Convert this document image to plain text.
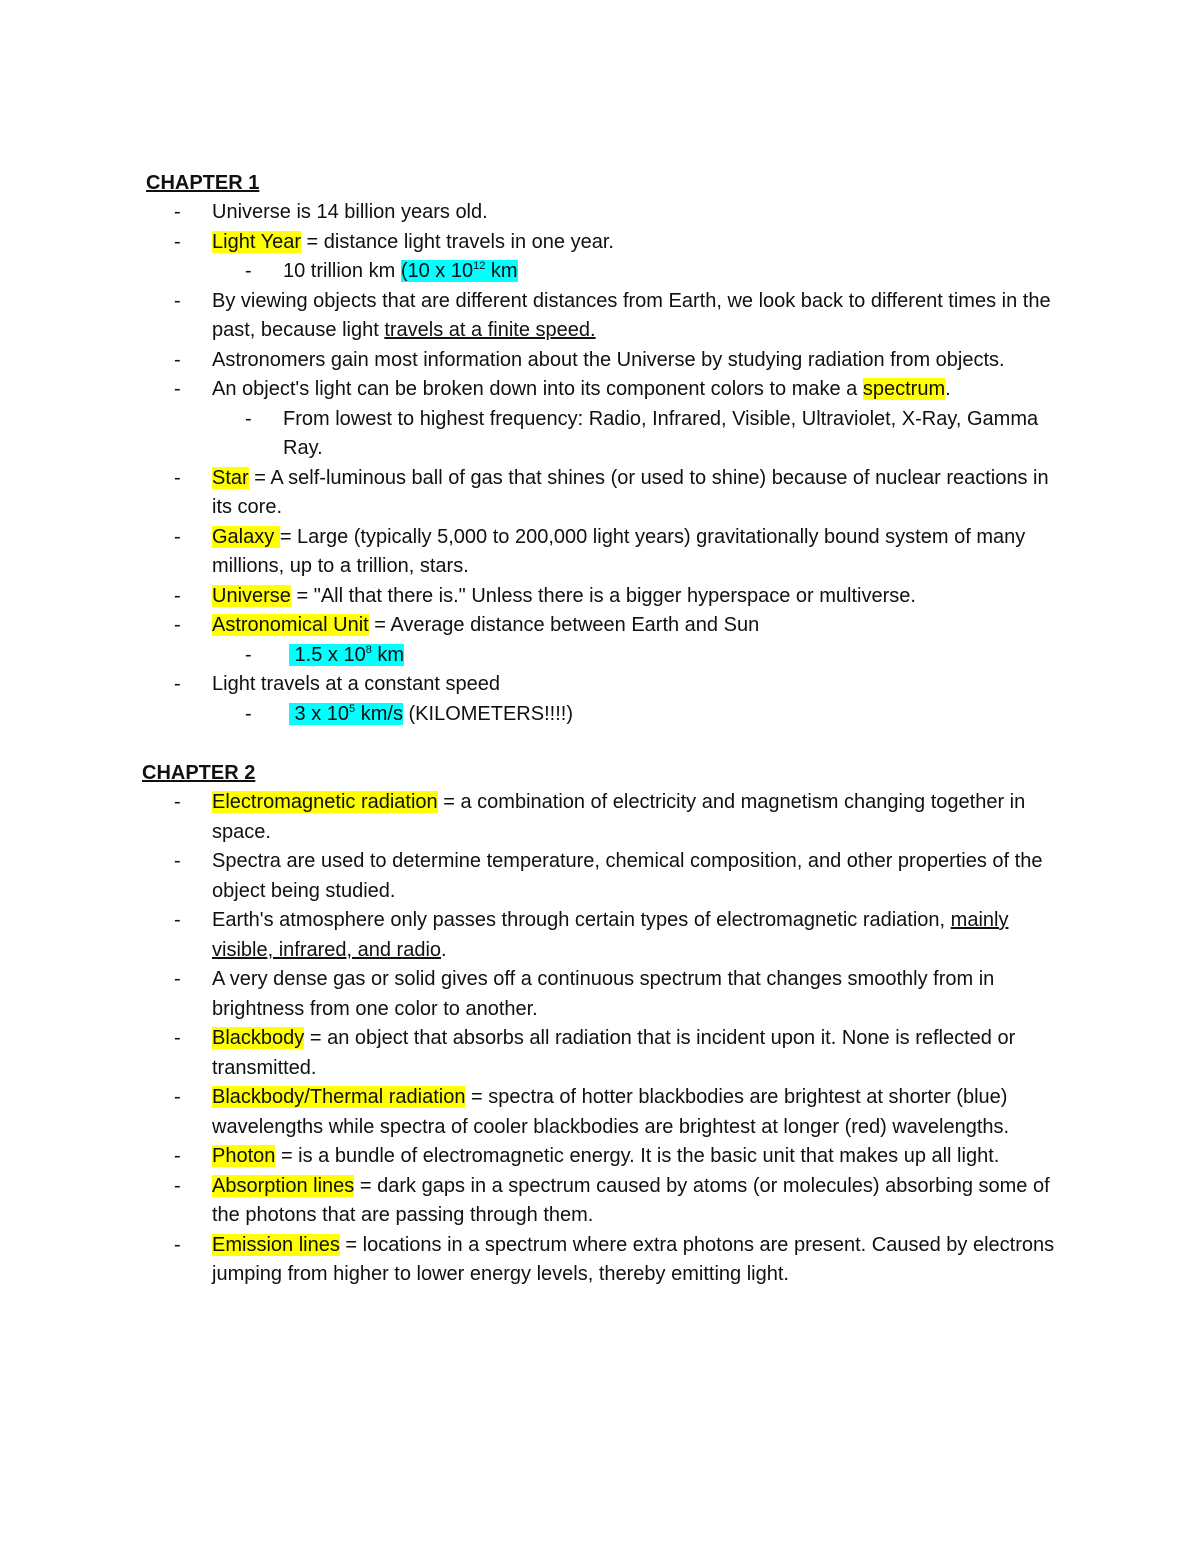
CHAPTER 1
- Universe is 14 billion years old.
- Light Year = distance light travels in one year.
- 10 trillion km (10 x $10^{12}$ km
- By viewing objects that are different distances from Earth, we look back to different times in the past, because light travels at a finite speed.
- Astronomers gain most information about the Universe by studying radiation from objects.
- An object's light can be broken down into its component colors to make a spectrum.
- From lowest to highest frequency: Radio, Infrared, Visible, Ultraviolet, X-Ray, Gamma Ray.
- Star = A self-luminous ball of gas that shines (or used to shine) because of nuclear reactions in its core.
- Galaxy = Large (typically 5,000 to 200,000 light years) gravitationally bound system of many millions, up to a trillion, stars.
- Universe = "All that there is." Unless there is a bigger hyperspace or multiverse.
- Astronomical Unit = Average distance between Earth and Sun
- 1.5 x $10^8$ km
- Light travels at a constant speed
- 3 x $10^5$ km/s (KILOMETERS!!!!)
CHAPTER 2
- Electromagnetic radiation = a combination of electricity and magnetism changing together in space.
- Spectra are used to determine temperature, chemical composition, and other properties of the object being studied.
- Earth's atmosphere only passes through certain types of electromagnetic radiation, mainly visible, infrared, and radio.
- A very dense gas or solid gives off a continuous spectrum that changes smoothly from in brightness from one color to another.
- Blackbody = an object that absorbs all radiation that is incident upon it. None is reflected or transmitted.
- Blackbody/Thermal radiation = spectra of hotter blackbodies are brightest at shorter (blue) wavelengths while spectra of cooler blackbodies are brightest at longer (red) wavelengths.
- Photon = is a bundle of electromagnetic energy. It is the basic unit that makes up all light.
- Absorption lines = dark gaps in a spectrum caused by atoms (or molecules) absorbing some of the photons that are passing through them.
- Emission lines = locations in a spectrum where extra photons are present. Caused by electrons jumping from higher to lower energy levels, thereby emitting light.
